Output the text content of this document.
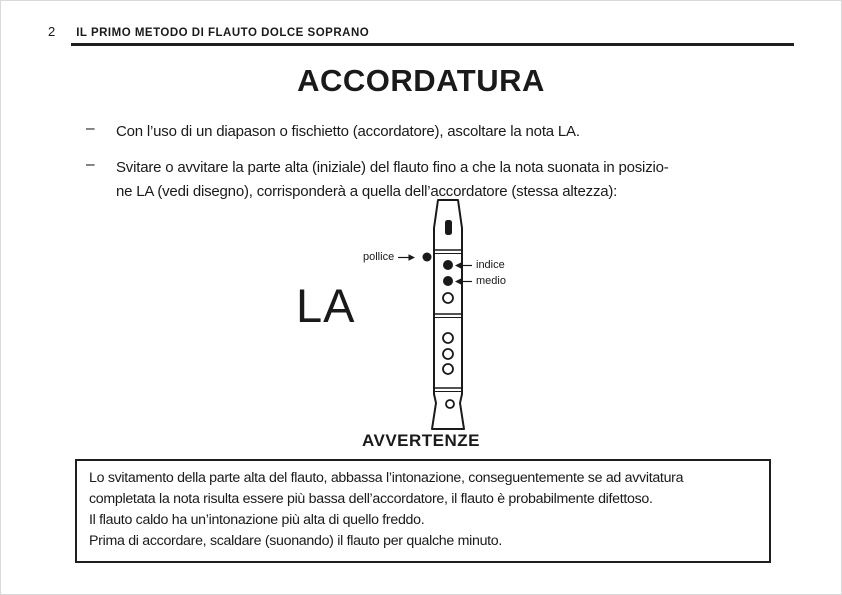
2 IL PRIMO METODO DI FLAUTO DOLCE SOPRANO
ACCORDATURA
–	Con l’uso di un diapason o fischietto (accordatore), ascoltare la nota LA.
–	Svitare o avvitare la parte alta (iniziale) del flauto fino a che la nota suonata in posizio-
ne LA (vedi disegno), corrisponderà a quella dell’accordatore (stessa altezza):
LA
pollice
indice
medio
AVVERTENZE
Lo svitamento della parte alta del flauto, abbassa l’intonazione, conseguentemente se ad avvitatura
completata la nota risulta essere più bassa dell’accordatore, il flauto è probabilmente difettoso.
Il flauto caldo ha un’intonazione più alta di quello freddo.
Prima di accordare, scaldare (suonando) il flauto per qualche minuto.
